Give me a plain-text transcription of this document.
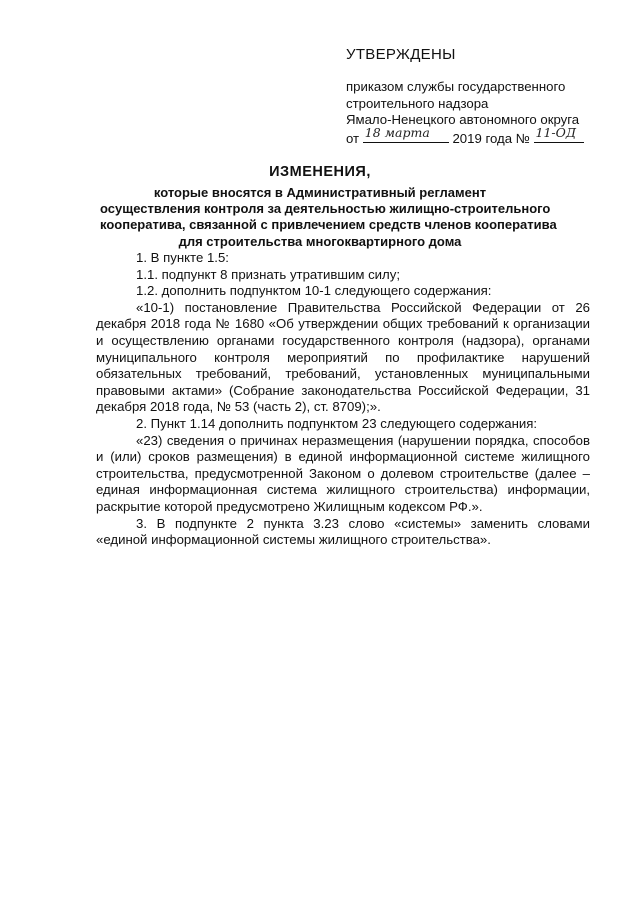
УТВЕРЖДЕНЫ
приказом службы государственного
строительного надзора
Ямало-Ненецкого автономного округа
от 18 марта 2019 года № 11-ОД
ИЗМЕНЕНИЯ,
которые вносятся в Административный регламент
осуществления контроля за деятельностью жилищно-строительного
кооператива, связанной с привлечением средств членов кооператива
для строительства многоквартирного дома

1. В пункте 1.5:

1.1. подпункт 8 признать утратившим силу;

1.2. дополнить подпунктом 10-1 следующего содержания:

«10-1) постановление Правительства Российской Федерации от 26 декабря 2018 года № 1680 «Об утверждении общих требований к организации и осуществлению органами государственного контроля (надзора), органами муниципального контроля мероприятий по профилактике нарушений обязательных требований, требований, установленных муниципальными правовыми актами» (Собрание законодательства Российской Федерации, 31 декабря 2018 года, № 53 (часть 2), ст. 8709);».

2. Пункт 1.14 дополнить подпунктом 23 следующего содержания:

«23) сведения о причинах неразмещения (нарушении порядка, способов и (или) сроков размещения) в единой информационной системе жилищного строительства, предусмотренной Законом о долевом строительстве (далее – единая информационная система жилищного строительства) информации, раскрытие которой предусмотрено Жилищным кодексом РФ.».

3. В подпункте 2 пункта 3.23 слово «системы» заменить словами «единой информационной системы жилищного строительства».
